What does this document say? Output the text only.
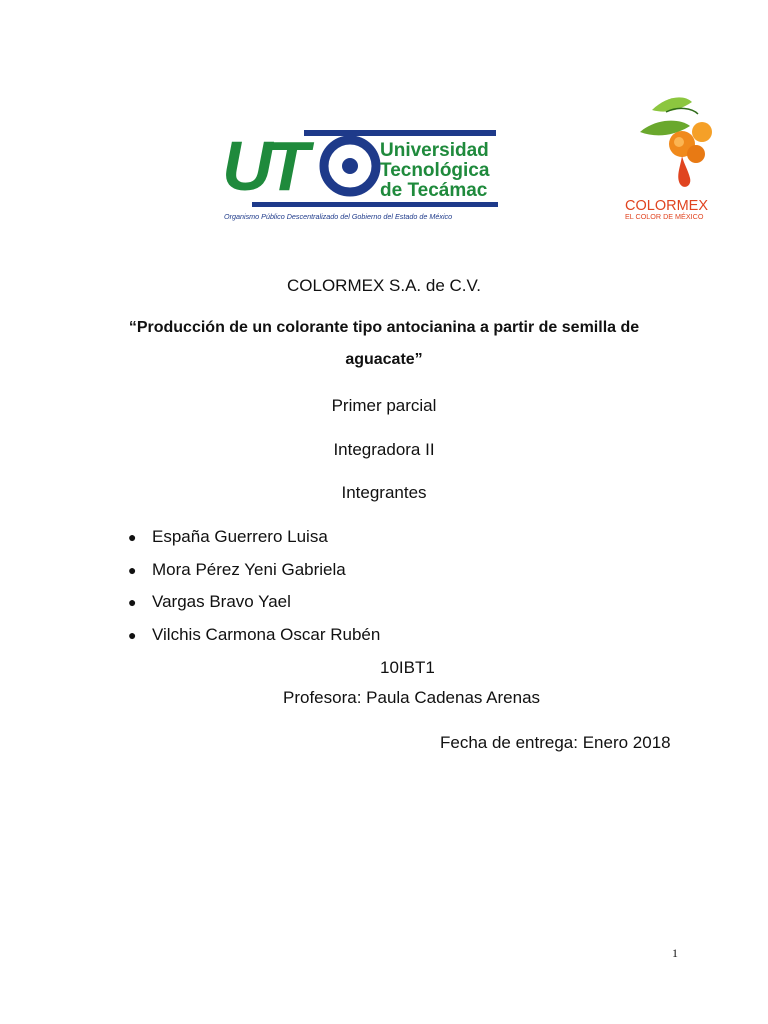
UT	Universidad
Tecnológica
de Tecámac
Organismo Público Descentralizado del Gobierno del Estado de México
COLORMEX
EL COLOR DE MÉXICO
COLORMEX S.A. de C.V.
“Producción de un colorante tipo antocianina a partir de semilla de
aguacate”
Primer parcial
Integradora II
Integrantes
● España Guerrero Luisa
● Mora Pérez Yeni Gabriela
● Vargas Bravo Yael
● Vilchis Carmona Oscar Rubén
10IBT1
Profesora: Paula Cadenas Arenas
Fecha de entrega: Enero 2018
1
